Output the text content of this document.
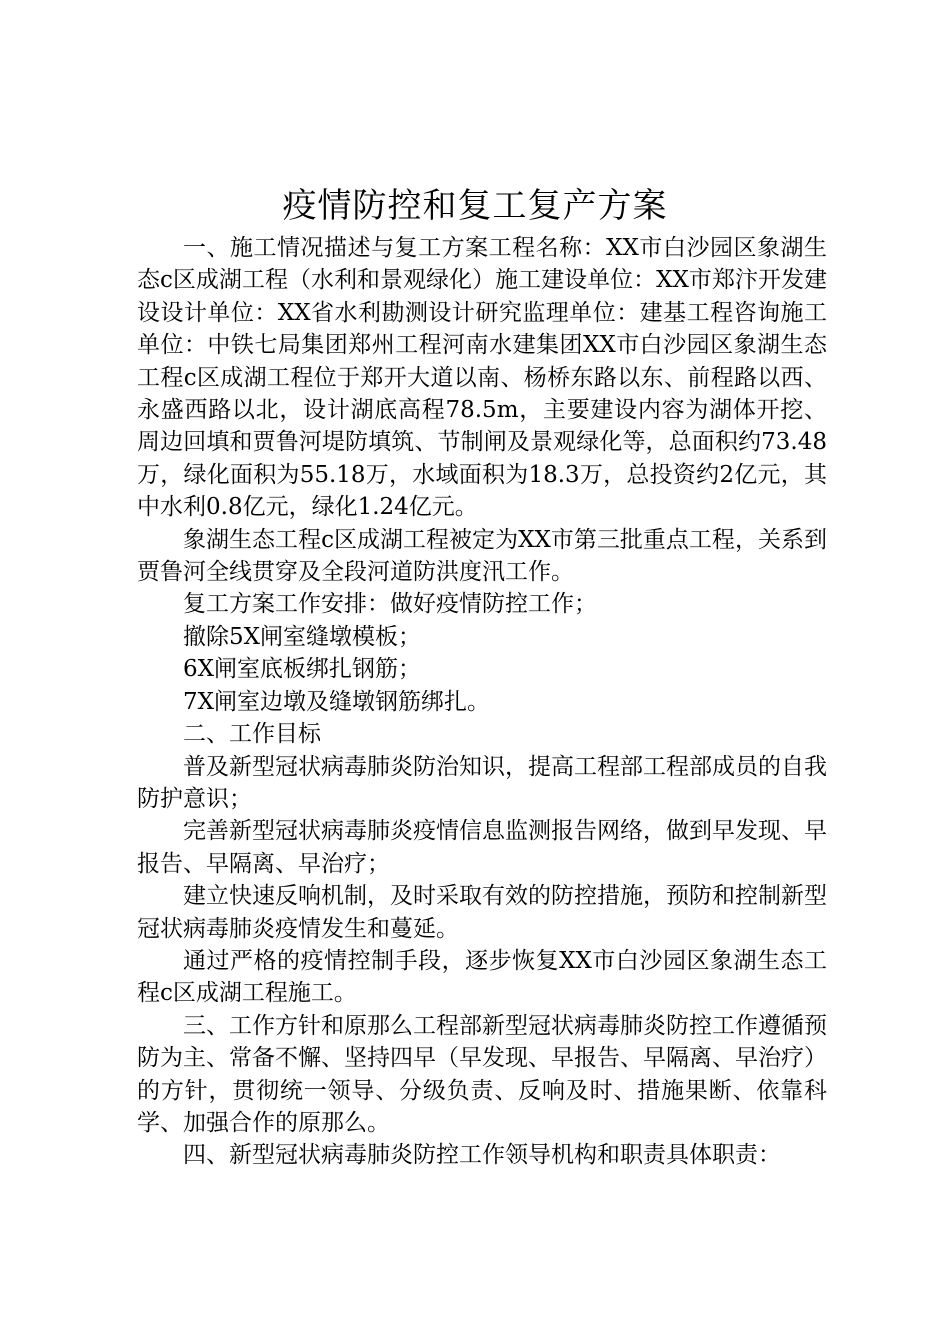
疫情防控和复工复产方案

一、施工情况描述与复工方案工程名称：XX市白沙园区象湖生态c区成湖工程（水利和景观绿化）施工建设单位：XX市郑汴开发建设设计单位：XX省水利勘测设计研究监理单位：建基工程咨询施工单位：中铁七局集团郑州工程河南水建集团XX市白沙园区象湖生态工程c区成湖工程位于郑开大道以南、杨桥东路以东、前程路以西、永盛西路以北，设计湖底高程78.5m，主要建设内容为湖体开挖、周边回填和贾鲁河堤防填筑、节制闸及景观绿化等，总面积约73.48万，绿化面积为55.18万，水域面积为18.3万，总投资约2亿元，其中水利0.8亿元，绿化1.24亿元。

象湖生态工程c区成湖工程被定为XX市第三批重点工程，关系到贾鲁河全线贯穿及全段河道防洪度汛工作。

复工方案工作安排：做好疫情防控工作；

撤除5X闸室缝墩模板；

6X闸室底板绑扎钢筋；

7X闸室边墩及缝墩钢筋绑扎。

二、工作目标

普及新型冠状病毒肺炎防治知识，提高工程部工程部成员的自我防护意识；

完善新型冠状病毒肺炎疫情信息监测报告网络，做到早发现、早报告、早隔离、早治疗；

建立快速反响机制，及时采取有效的防控措施，预防和控制新型冠状病毒肺炎疫情发生和蔓延。

通过严格的疫情控制手段，逐步恢复XX市白沙园区象湖生态工程c区成湖工程施工。

三、工作方针和原那么工程部新型冠状病毒肺炎防控工作遵循预防为主、常备不懈、坚持四早（早发现、早报告、早隔离、早治疗）的方针，贯彻统一领导、分级负责、反响及时、措施果断、依靠科学、加强合作的原那么。

四、新型冠状病毒肺炎防控工作领导机构和职责具体职责：
